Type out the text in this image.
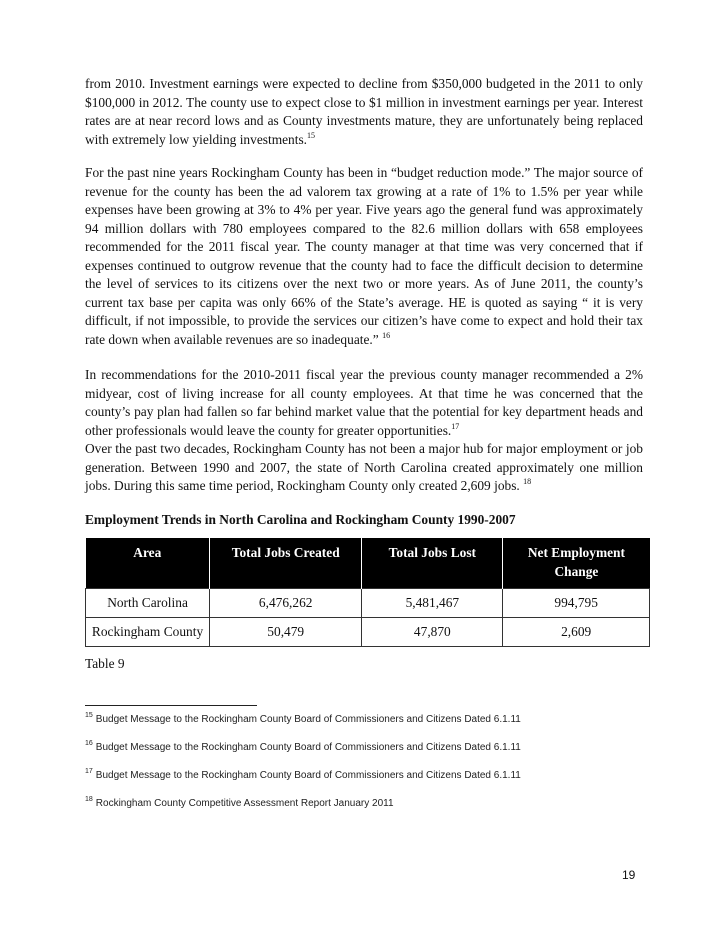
from 2010. Investment earnings were expected to decline from $350,000 budgeted in the 2011 to only $100,000 in 2012. The county use to expect close to $1 million in investment earnings per year. Interest rates are at near record lows and as County investments mature, they are unfortunately being replaced with extremely low yielding investments.$^{15}$

For the past nine years Rockingham County has been in “budget reduction mode.” The major source of revenue for the county has been the ad valorem tax growing at a rate of 1% to 1.5% per year while expenses have been growing at 3% to 4% per year. Five years ago the general fund was approximately 94 million dollars with 780 employees compared to the 82.6 million dollars with 658 employees recommended for the 2011 fiscal year. The county manager at that time was very concerned that if expenses continued to outgrow revenue that the county had to face the difficult decision to determine the level of services to its citizens over the next two or more years. As of June 2011, the county’s current tax base per capita was only 66% of the State’s average. HE is quoted as saying “ it is very difficult, if not impossible, to provide the services our citizen’s have come to expect and hold their tax rate down when available revenues are so inadequate.” $^{16}$

In recommendations for the 2010-2011 fiscal year the previous county manager recommended a 2% midyear, cost of living increase for all county employees. At that time he was concerned that the county’s pay plan had fallen so far behind market value that the potential for key department heads and other professionals would leave the county for greater opportunities.$^{17}$

Over the past two decades, Rockingham County has not been a major hub for major employment or job generation. Between 1990 and 2007, the state of North Carolina created approximately one million jobs. During this same time period, Rockingham County only created 2,609 jobs. $^{18}$

Employment Trends in North Carolina and Rockingham County 1990-2007

Area	Total Jobs Created	Total Jobs Lost	Net Employment Change
North Carolina	6,476,262	5,481,467	994,795
Rockingham County	50,479	47,870	2,609

Table 9

$^{15}$ Budget Message to the Rockingham County Board of Commissioners and Citizens Dated 6.1.11

$^{16}$ Budget Message to the Rockingham County Board of Commissioners and Citizens Dated 6.1.11

$^{17}$ Budget Message to the Rockingham County Board of Commissioners and Citizens Dated 6.1.11

$^{18}$ Rockingham County Competitive Assessment Report January 2011

19
